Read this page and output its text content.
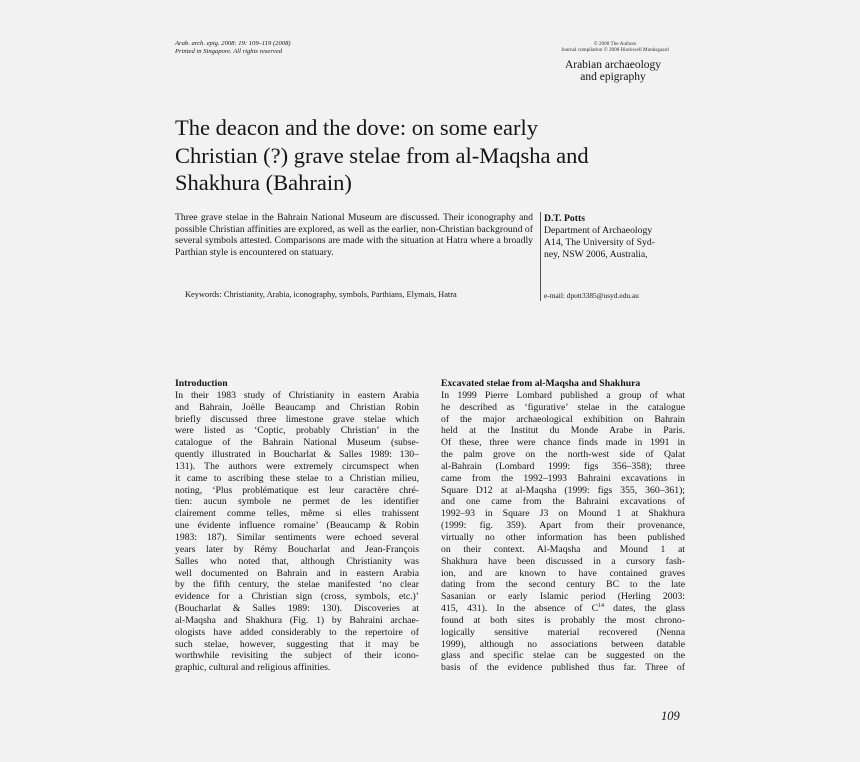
Arab. arch. epig. 2008: 19: 109–119 (2008)
Printed in Singapore. All rights reserved
© 2008 The Authors
Journal compilation © 2008 Blackwell Munksgaard
Arabian archaeology
and epigraphy
The deacon and the dove: on some early
Christian (?) grave stelae from al-Maqsha and
Shakhura (Bahrain)
Three grave stelae in the Bahrain National Museum are discussed. Their iconography and possible Christian affinities are explored, as well as the earlier, non-Christian background of several symbols attested. Comparisons are made with the situation at Hatra where a broadly Parthian style is encountered on statuary.
Keywords: Christianity, Arabia, iconography, symbols, Parthians, Elymais, Hatra
D.T. Potts
Department of Archaeology
A14, The University of Syd-
ney, NSW 2006, Australia,
e-mail: dpott3385@usyd.edu.au
Introduction
In their 1983 study of Christianity in eastern Arabia
and Bahrain, Joëlle Beaucamp and Christian Robin
briefly discussed three limestone grave stelae which
were listed as ‘Coptic, probably Christian’ in the
catalogue of the Bahrain National Museum (subse-
quently illustrated in Boucharlat & Salles 1989: 130–
131). The authors were extremely circumspect when
it came to ascribing these stelae to a Christian milieu,
noting, ‘Plus problématique est leur caractère chré-
tien: aucun symbole ne permet de les identifier
clairement comme telles, même si elles trahissent
une évidente influence romaine’ (Beaucamp & Robin
1983: 187). Similar sentiments were echoed several
years later by Rémy Boucharlat and Jean-François
Salles who noted that, although Christianity was
well documented on Bahrain and in eastern Arabia
by the fifth century, the stelae manifested ‘no clear
evidence for a Christian sign (cross, symbols, etc.)’
(Boucharlat & Salles 1989: 130). Discoveries at
al-Maqsha and Shakhura (Fig. 1) by Bahraini archae-
ologists have added considerably to the repertoire of
such stelae, however, suggesting that it may be
worthwhile revisiting the subject of their icono-
graphic, cultural and religious affinities.
Excavated stelae from al-Maqsha and Shakhura
In 1999 Pierre Lombard published a group of what
he described as ‘figurative’ stelae in the catalogue
of the major archaeological exhibition on Bahrain
held at the Institut du Monde Arabe in Paris.
Of these, three were chance finds made in 1991 in
the palm grove on the north-west side of Qalat
al-Bahrain (Lombard 1999: figs 356–358); three
came from the 1992–1993 Bahraini excavations in
Square D12 at al-Maqsha (1999: figs 355, 360–361);
and one came from the Bahraini excavations of
1992–93 in Square J3 on Mound 1 at Shakhura
(1999: fig. 359). Apart from their provenance,
virtually no other information has been published
on their context. Al-Maqsha and Mound 1 at
Shakhura have been discussed in a cursory fash-
ion, and are known to have contained graves
dating from the second century BC to the late
Sasanian or early Islamic period (Herling 2003:
415, 431). In the absence of $C^{14}$ dates, the glass
found at both sites is probably the most chrono-
logically sensitive material recovered (Nenna
1999), although no associations between datable
glass and specific stelae can be suggested on the
basis of the evidence published thus far. Three of
109
